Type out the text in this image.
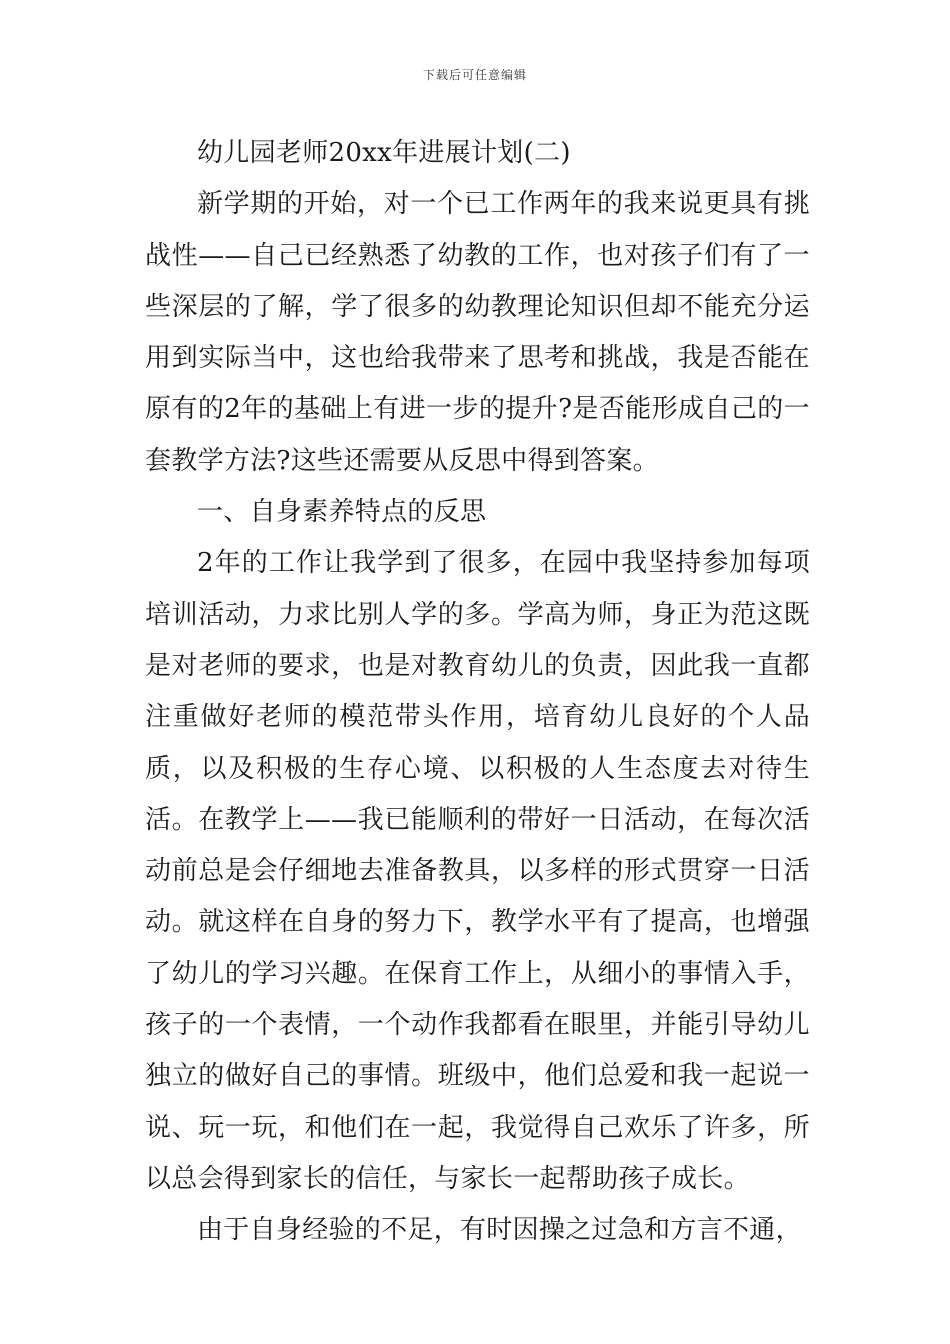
下载后可任意编辑

幼儿园老师20xx年进展计划(二)

新学期的开始，对一个已工作两年的我来说更具有挑战性——自己已经熟悉了幼教的工作，也对孩子们有了一些深层的了解，学了很多的幼教理论知识但却不能充分运用到实际当中，这也给我带来了思考和挑战，我是否能在原有的2年的基础上有进一步的提升?是否能形成自己的一套教学方法?这些还需要从反思中得到答案。

一、自身素养特点的反思

2年的工作让我学到了很多，在园中我坚持参加每项培训活动，力求比别人学的多。学高为师，身正为范这既是对老师的要求，也是对教育幼儿的负责，因此我一直都注重做好老师的模范带头作用，培育幼儿良好的个人品质，以及积极的生存心境、以积极的人生态度去对待生活。在教学上——我已能顺利的带好一日活动，在每次活动前总是会仔细地去准备教具，以多样的形式贯穿一日活动。就这样在自身的努力下，教学水平有了提高，也增强了幼儿的学习兴趣。在保育工作上，从细小的事情入手，孩子的一个表情，一个动作我都看在眼里，并能引导幼儿独立的做好自己的事情。班级中，他们总爱和我一起说一说、玩一玩，和他们在一起，我觉得自己欢乐了许多，所以总会得到家长的信任，与家长一起帮助孩子成长。

由于自身经验的不足，有时因操之过急和方言不通，
